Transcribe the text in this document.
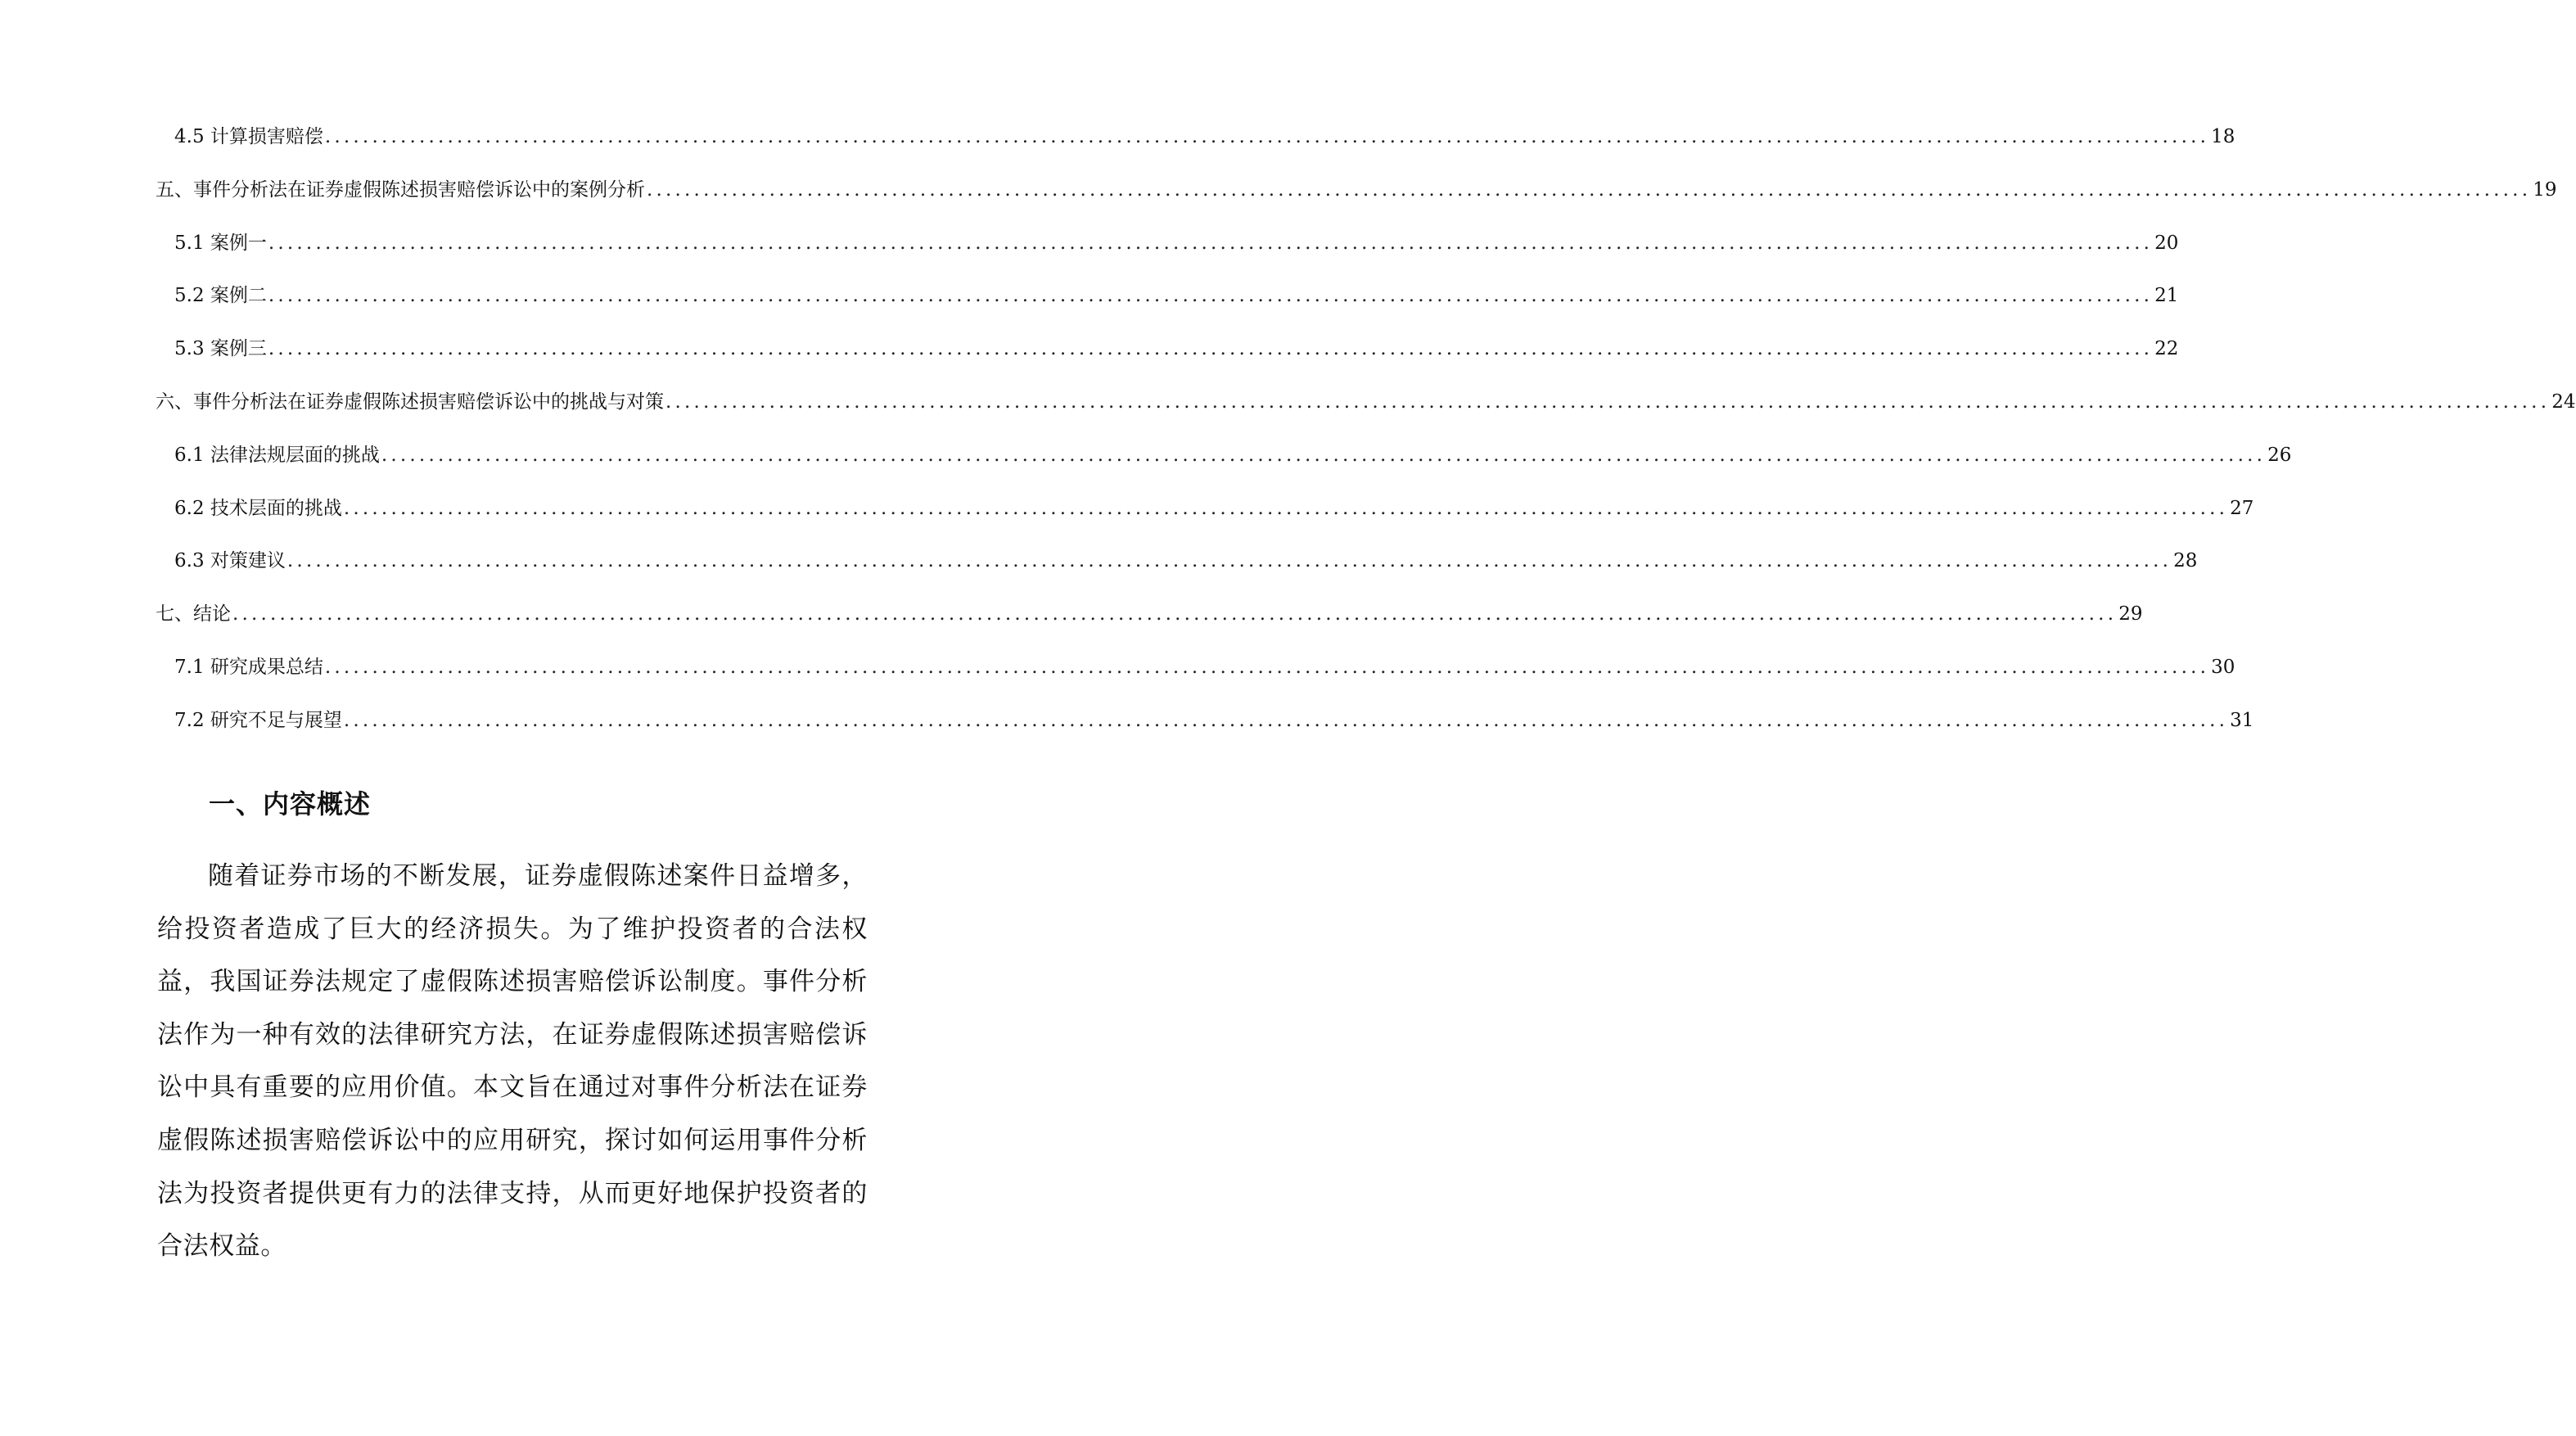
4.5 计算损害赔偿 ........................................................................................................................................................................................................ 18
五、事件分析法在证券虚假陈述损害赔偿诉讼中的案例分析 ........................................................................................................................................................................................................ 19
5.1 案例一 ........................................................................................................................................................................................................ 20
5.2 案例二 ........................................................................................................................................................................................................ 21
5.3 案例三 ........................................................................................................................................................................................................ 22
六、事件分析法在证券虚假陈述损害赔偿诉讼中的挑战与对策 ........................................................................................................................................................................................................ 24
6.1 法律法规层面的挑战 ........................................................................................................................................................................................................ 26
6.2 技术层面的挑战 ........................................................................................................................................................................................................ 27
6.3 对策建议 ........................................................................................................................................................................................................ 28
七、结论 ........................................................................................................................................................................................................ 29
7.1 研究成果总结 ........................................................................................................................................................................................................ 30
7.2 研究不足与展望 ........................................................................................................................................................................................................ 31
一、内容概述

随着证券市场的不断发展，证券虚假陈述案件日益增多，给投资者造成了巨大的经济损失。为了维护投资者的合法权益，我国证券法规定了虚假陈述损害赔偿诉讼制度。事件分析法作为一种有效的法律研究方法，在证券虚假陈述损害赔偿诉讼中具有重要的应用价值。本文旨在通过对事件分析法在证券虚假陈述损害赔偿诉讼中的应用研究，探讨如何运用事件分析法为投资者提供更有力的法律支持，从而更好地保护投资者的合法权益。
